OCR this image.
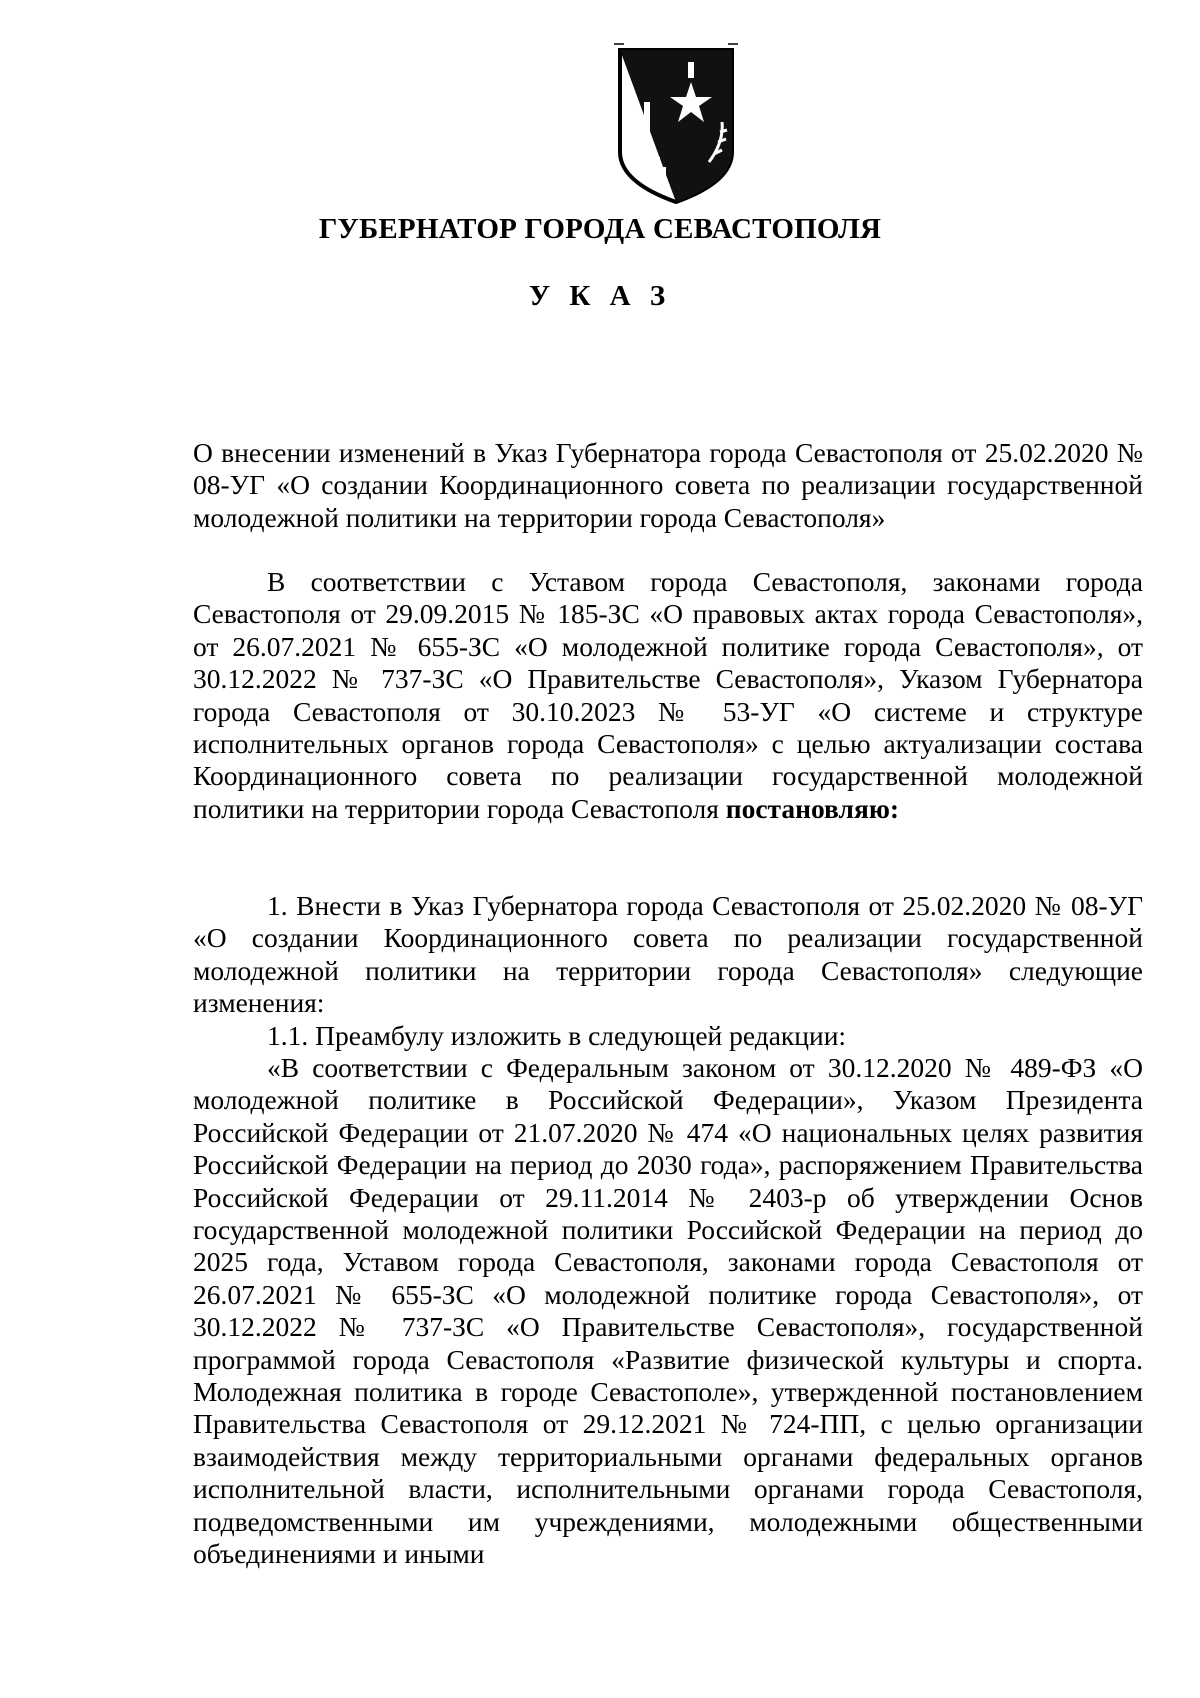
ГУБЕРНАТОР ГОРОДА СЕВАСТОПОЛЯ
У К А З
О внесении изменений в Указ Губернатора города Севастополя от 25.02.2020 № 08-УГ «О создании Координационного совета по реализации государственной молодежной политики на территории города Севастополя»
В соответствии с Уставом города Севастополя, законами города Севастополя от 29.09.2015 № 185-ЗС «О правовых актах города Севастополя», от 26.07.2021 № 655-ЗС «О молодежной политике города Севастополя», от 30.12.2022 № 737-ЗС «О Правительстве Севастополя», Указом Губернатора города Севастополя от 30.10.2023 № 53-УГ «О системе и структуре исполнительных органов города Севастополя» с целью актуализации состава Координационного совета по реализации государственной молодежной политики на территории города Севастополя постановляю:
1. Внести в Указ Губернатора города Севастополя от 25.02.2020 № 08-УГ «О создании Координационного совета по реализации государственной молодежной политики на территории города Севастополя» следующие изменения:
1.1. Преамбулу изложить в следующей редакции:
«В соответствии с Федеральным законом от 30.12.2020 № 489-ФЗ «О молодежной политике в Российской Федерации», Указом Президента Российской Федерации от 21.07.2020 № 474 «О национальных целях развития Российской Федерации на период до 2030 года», распоряжением Правительства Российской Федерации от 29.11.2014 № 2403-р об утверждении Основ государственной молодежной политики Российской Федерации на период до 2025 года, Уставом города Севастополя, законами города Севастополя от 26.07.2021 № 655-ЗС «О молодежной политике города Севастополя», от 30.12.2022 № 737-ЗС «О Правительстве Севастополя», государственной программой города Севастополя «Развитие физической культуры и спорта. Молодежная политика в городе Севастополе», утвержденной постановлением Правительства Севастополя от 29.12.2021 № 724-ПП, с целью организации взаимодействия между территориальными органами федеральных органов исполнительной власти, исполнительными органами города Севастополя, подведомственными им учреждениями, молодежными общественными объединениями и иными
